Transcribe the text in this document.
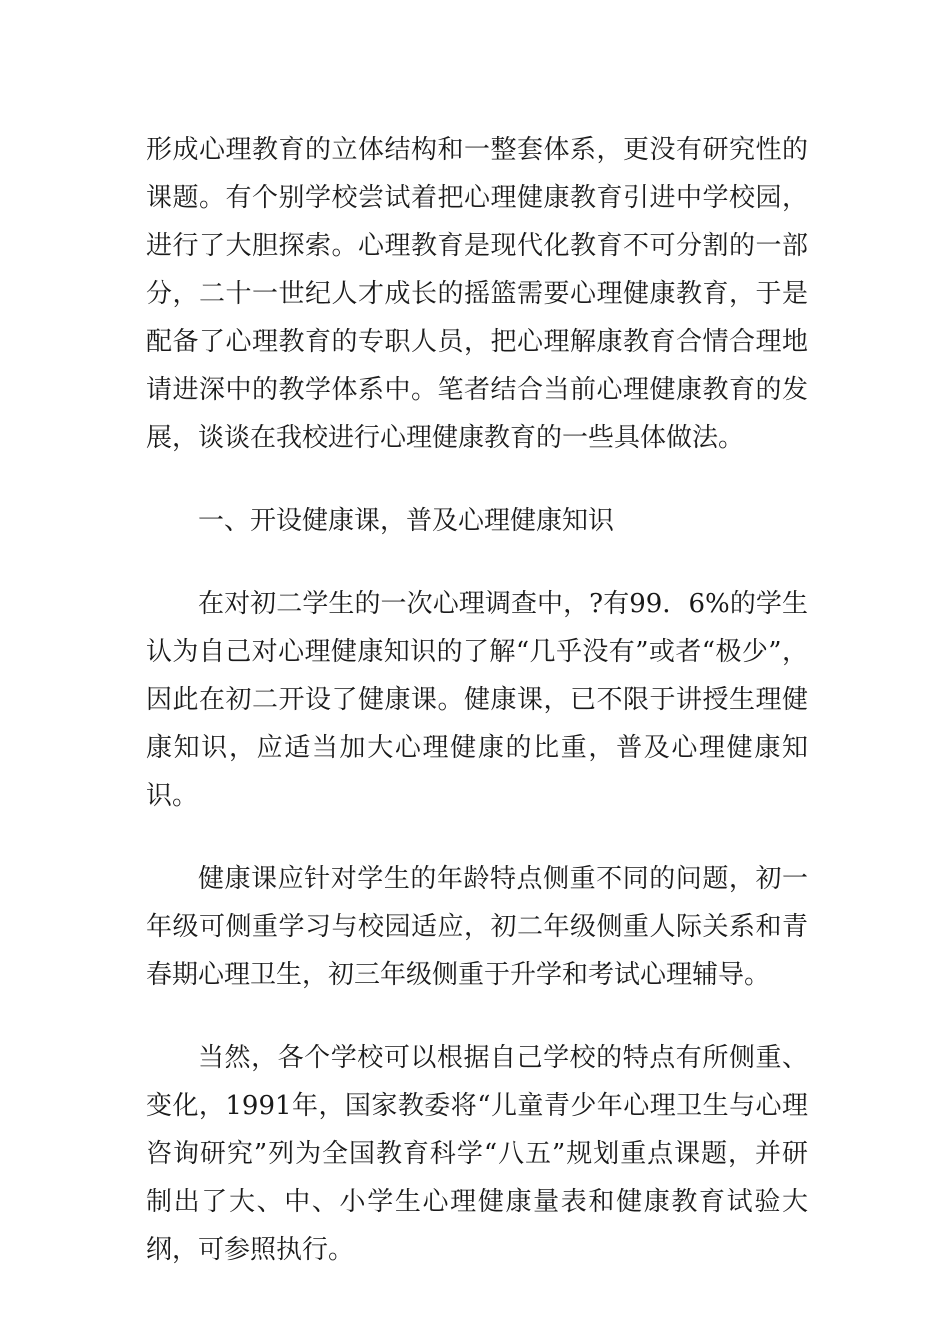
形成心理教育的立体结构和一整套体系，更没有研究性的课题。有个别学校尝试着把心理健康教育引进中学校园，进行了大胆探索。心理教育是现代化教育不可分割的一部分，二十一世纪人才成长的摇篮需要心理健康教育，于是配备了心理教育的专职人员，把心理解康教育合情合理地请进深中的教学体系中。笔者结合当前心理健康教育的发展，谈谈在我校进行心理健康教育的一些具体做法。

一、开设健康课，普及心理健康知识

在对初二学生的一次心理调查中，?有99．6%的学生认为自己对心理健康知识的了解“几乎没有”或者“极少”，因此在初二开设了健康课。健康课，已不限于讲授生理健康知识，应适当加大心理健康的比重，普及心理健康知识。

健康课应针对学生的年龄特点侧重不同的问题，初一年级可侧重学习与校园适应，初二年级侧重人际关系和青春期心理卫生，初三年级侧重于升学和考试心理辅导。

当然，各个学校可以根据自己学校的特点有所侧重、变化，1991年，国家教委将“儿童青少年心理卫生与心理咨询研究”列为全国教育科学“八五”规划重点课题，并研制出了大、中、小学生心理健康量表和健康教育试验大纲，可参照执行。
